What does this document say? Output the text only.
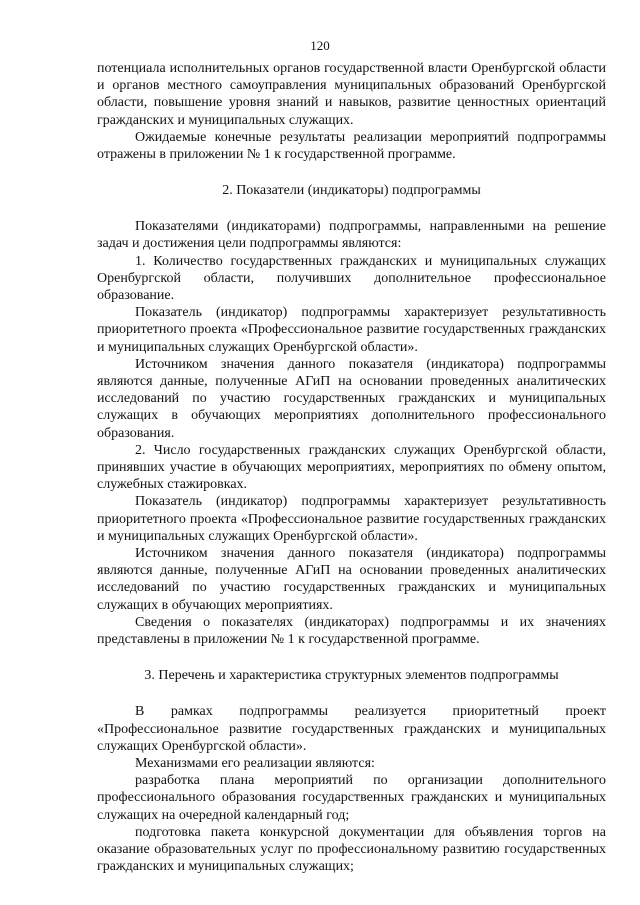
120

потенциала исполнительных органов государственной власти Оренбургской области и органов местного самоуправления муниципальных образований Оренбургской области, повышение уровня знаний и навыков, развитие ценностных ориентаций гражданских и муниципальных служащих.

Ожидаемые конечные результаты реализации мероприятий подпрограммы отражены в приложении № 1 к государственной программе.

2. Показатели (индикаторы) подпрограммы

Показателями (индикаторами) подпрограммы, направленными на решение задач и достижения цели подпрограммы являются:

1. Количество государственных гражданских и муниципальных служащих Оренбургской области, получивших дополнительное профессиональное образование.

Показатель (индикатор) подпрограммы характеризует результативность приоритетного проекта «Профессиональное развитие государственных гражданских и муниципальных служащих Оренбургской области».

Источником значения данного показателя (индикатора) подпрограммы являются данные, полученные АГиП на основании проведенных аналитических исследований по участию государственных гражданских и муниципальных служащих в обучающих мероприятиях дополнительного профессионального образования.

2. Число государственных гражданских служащих Оренбургской области, принявших участие в обучающих мероприятиях, мероприятиях по обмену опытом, служебных стажировках.

Показатель (индикатор) подпрограммы характеризует результативность приоритетного проекта «Профессиональное развитие государственных гражданских и муниципальных служащих Оренбургской области».

Источником значения данного показателя (индикатора) подпрограммы являются данные, полученные АГиП на основании проведенных аналитических исследований по участию государственных гражданских и муниципальных служащих в обучающих мероприятиях.

Сведения о показателях (индикаторах) подпрограммы и их значениях представлены в приложении № 1 к государственной программе.

3. Перечень и характеристика структурных элементов подпрограммы

В рамках подпрограммы реализуется приоритетный проект «Профессиональное развитие государственных гражданских и муниципальных служащих Оренбургской области».

Механизмами его реализации являются:

разработка плана мероприятий по организации дополнительного профессионального образования государственных гражданских и муниципальных служащих на очередной календарный год;

подготовка пакета конкурсной документации для объявления торгов на оказание образовательных услуг по профессиональному развитию государственных гражданских и муниципальных служащих;
